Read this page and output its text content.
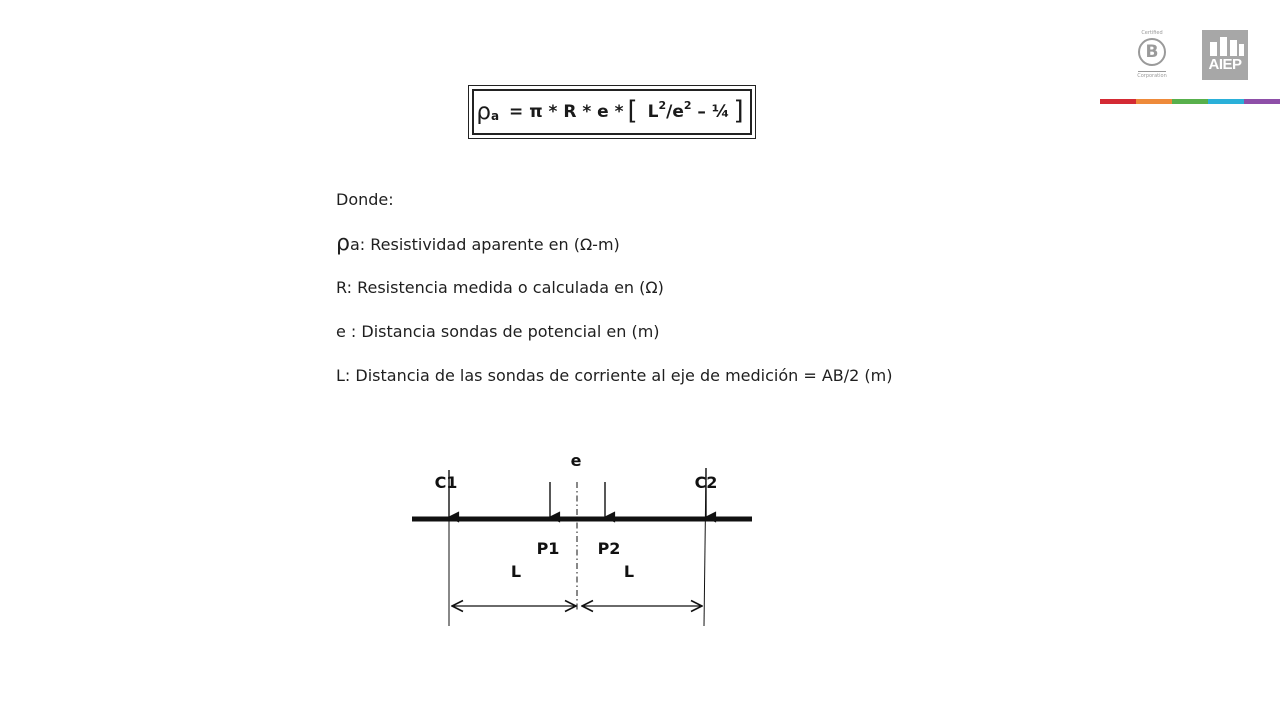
Certified
B
Corporation
AIEP
ρ a = π * R * e * [ L 2 /e 2 – ¼ ]
Donde:
ρa: Resistividad aparente en (Ω-m)
R: Resistencia medida o calculada en (Ω)
e : Distancia sondas de potencial en (m)
L: Distancia de las sondas de corriente al eje de medición = AB/2 (m)
e
C1	C2
P1 P2
L	L
